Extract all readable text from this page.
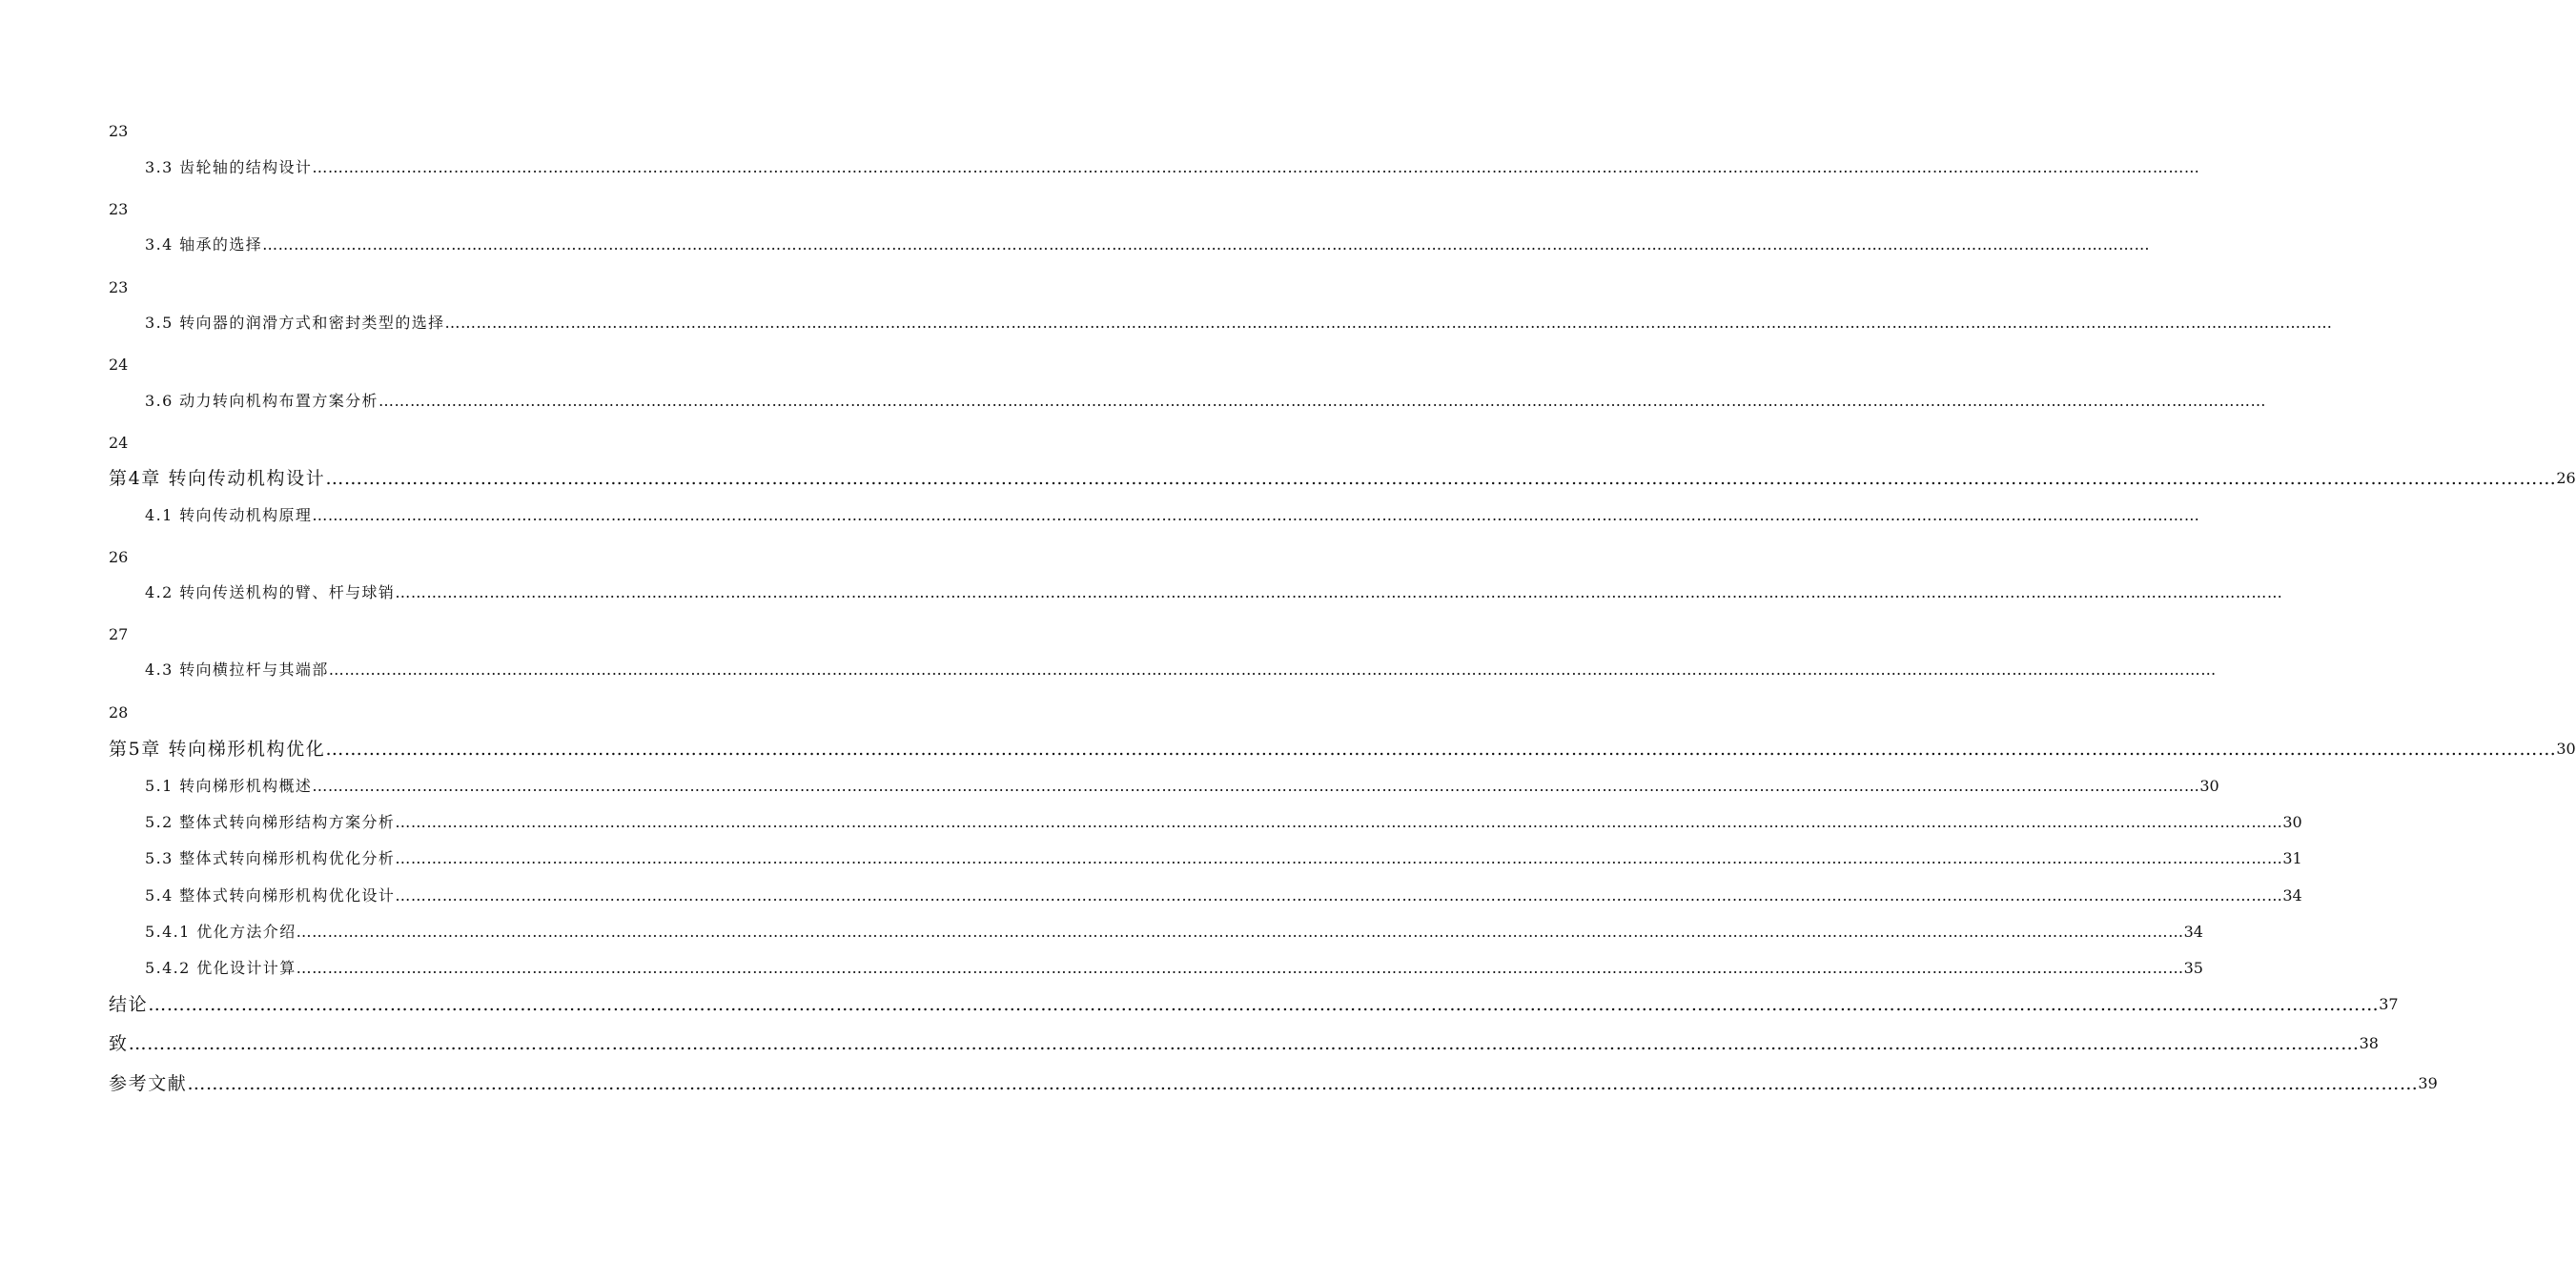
23
3.3 齿轮轴的结构设计 ………………………………………………………………………………………………………………………………………………………………………………………………………………………………………………………………………………………………………………………………
23
3.4 轴承的选择 ………………………………………………………………………………………………………………………………………………………………………………………………………………………………………………………………………………………………………………………………
23
3.5 转向器的润滑方式和密封类型的选择 ………………………………………………………………………………………………………………………………………………………………………………………………………………………………………………………………………………………………………………………………
24
3.6 动力转向机构布置方案分析 ………………………………………………………………………………………………………………………………………………………………………………………………………………………………………………………………………………………………………………………………
24
第4章 转向传动机构设计 ……………………………………………………………………………………………………………………………………………………………………………………………………………………………………………………………………………………………………………………………… 26
4.1 转向传动机构原理 ………………………………………………………………………………………………………………………………………………………………………………………………………………………………………………………………………………………………………………………………
26
4.2 转向传送机构的臂、杆与球销 ………………………………………………………………………………………………………………………………………………………………………………………………………………………………………………………………………………………………………………………………
27
4.3 转向横拉杆与其端部 ………………………………………………………………………………………………………………………………………………………………………………………………………………………………………………………………………………………………………………………………
28
第5章 转向梯形机构优化 ……………………………………………………………………………………………………………………………………………………………………………………………………………………………………………………………………………………………………………………………… 30
5.1 转向梯形机构概述 ……………………………………………………………………………………………………………………………………………………………………………………………………………………………………………………………………………………………………………………………… 30
5.2 整体式转向梯形结构方案分析 ……………………………………………………………………………………………………………………………………………………………………………………………………………………………………………………………………………………………………………………………… 30
5.3 整体式转向梯形机构优化分析 ……………………………………………………………………………………………………………………………………………………………………………………………………………………………………………………………………………………………………………………………… 31
5.4 整体式转向梯形机构优化设计 ……………………………………………………………………………………………………………………………………………………………………………………………………………………………………………………………………………………………………………………………… 34
5.4.1 优化方法介绍 ……………………………………………………………………………………………………………………………………………………………………………………………………………………………………………………………………………………………………………………………… 34
5.4.2 优化设计计算 ……………………………………………………………………………………………………………………………………………………………………………………………………………………………………………………………………………………………………………………………… 35
结论 ……………………………………………………………………………………………………………………………………………………………………………………………………………………………………………………………………………………………………………………………… 37
致 ……………………………………………………………………………………………………………………………………………………………………………………………………………………………………………………………………………………………………………………………… 38
参考文献 ……………………………………………………………………………………………………………………………………………………………………………………………………………………………………………………………………………………………………………………………… 39
